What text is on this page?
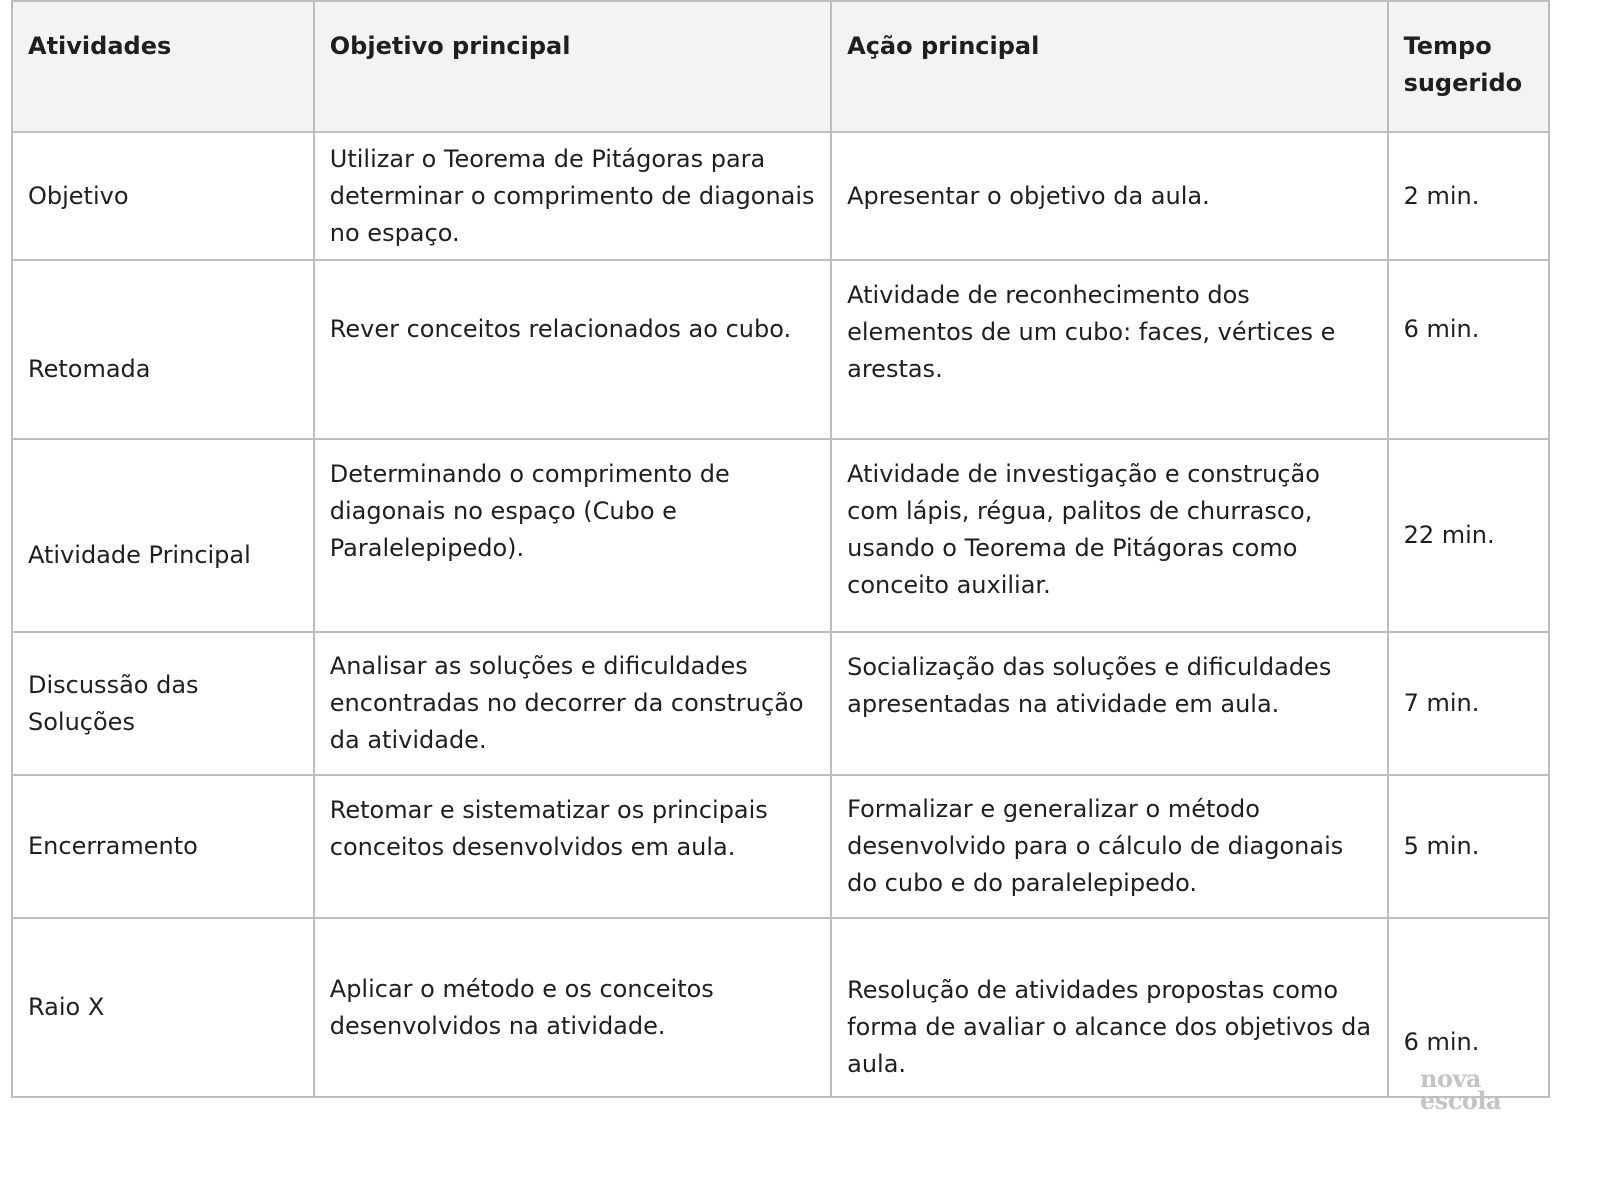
Atividades	Objetivo principal	Ação principal	Tempo sugerido
Objetivo	Utilizar o Teorema de Pitágoras para determinar o comprimento de diagonais no espaço.	Apresentar o objetivo da aula.	2 min.
Retomada	Rever conceitos relacionados ao cubo.	Atividade de reconhecimento dos elementos de um cubo: faces, vértices e arestas.	6 min.
Atividade Principal	Determinando o comprimento de diagonais no espaço (Cubo e Paralelepipedo).	Atividade de investigação e construção com lápis, régua, palitos de churrasco, usando o Teorema de Pitágoras como conceito auxiliar.	22 min.
Discussão das Soluções	Analisar as soluções e dificuldades encontradas no decorrer da construção da atividade.	Socialização das soluções e dificuldades apresentadas na atividade em aula.	7 min.
Encerramento	Retomar e sistematizar os principais conceitos desenvolvidos em aula.	Formalizar e generalizar o método desenvolvido para o cálculo de diagonais do cubo e do paralelepipedo.	5 min.
Raio X	Aplicar o método e os conceitos desenvolvidos na atividade.	Resolução de atividades propostas como forma de avaliar o alcance dos objetivos da aula.	6 min.
nova
escola
